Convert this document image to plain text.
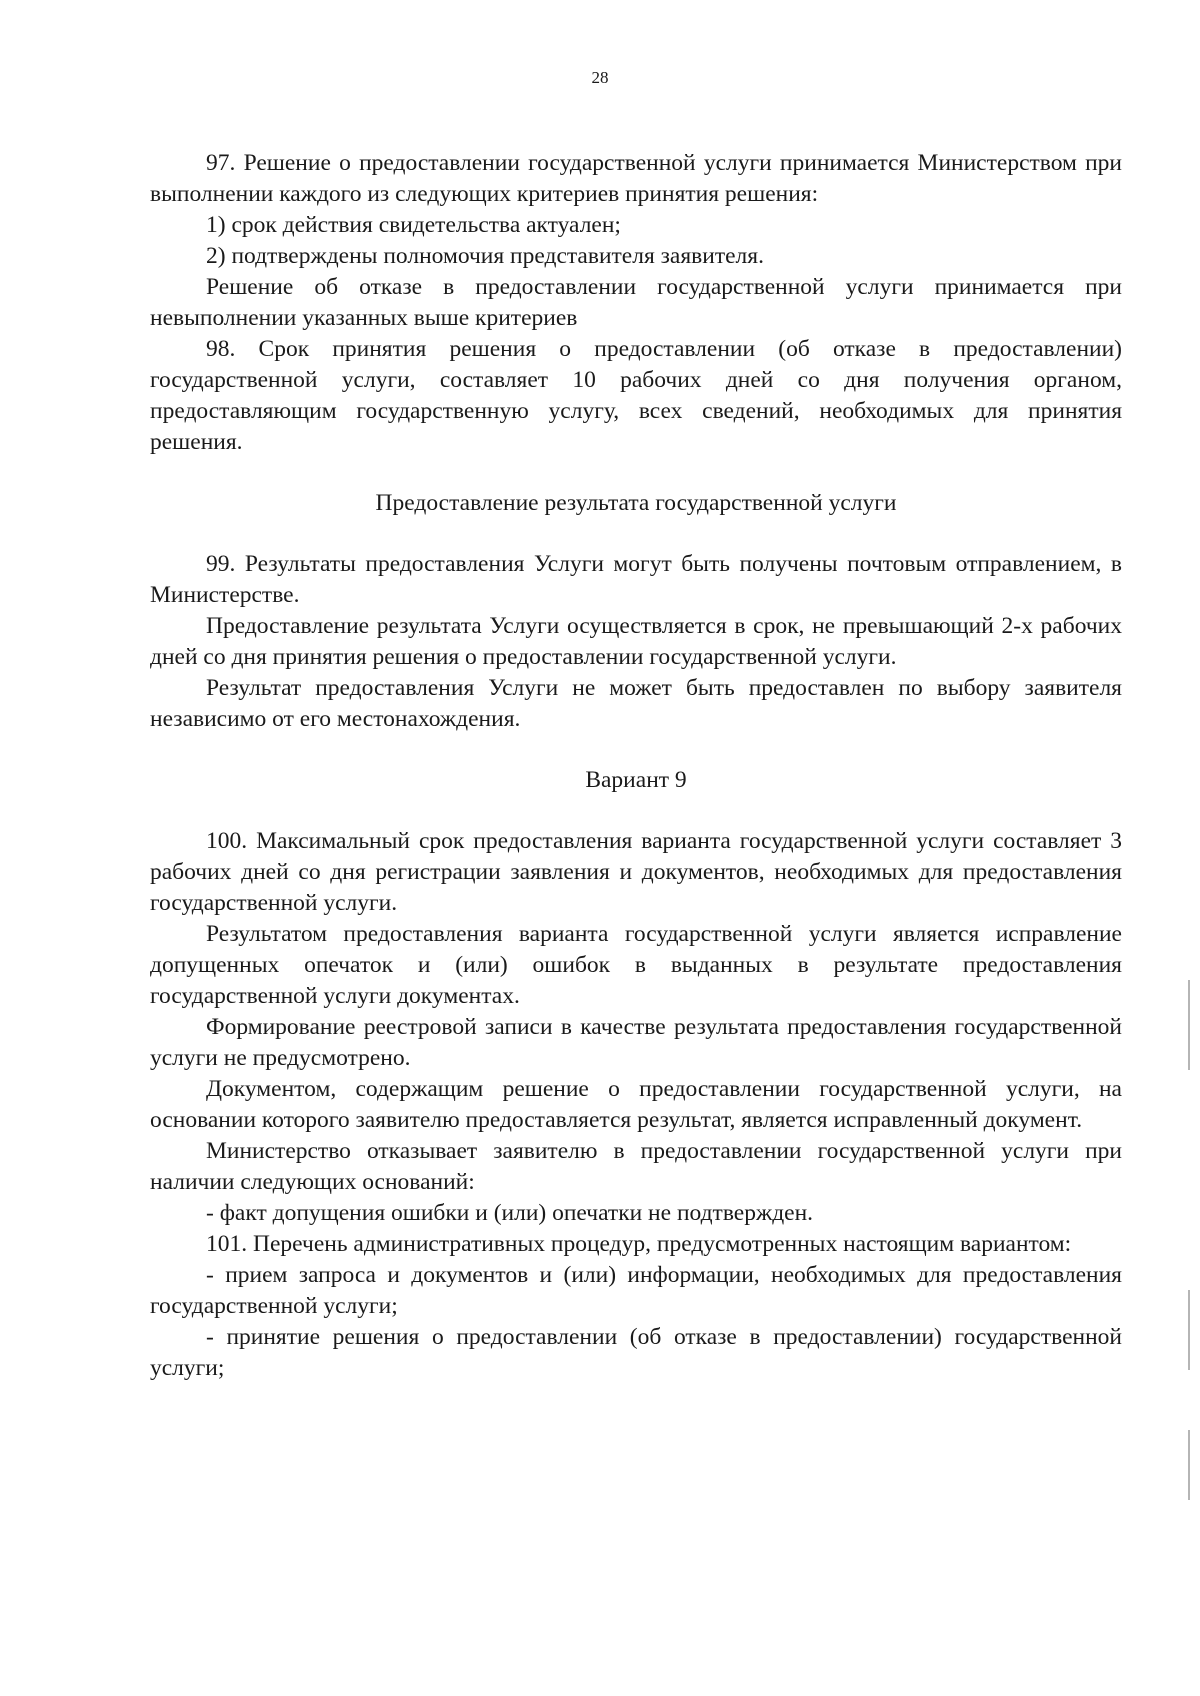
28

97. Решение о предоставлении государственной услуги принимается Министерством при выполнении каждого из следующих критериев принятия решения:

1) срок действия свидетельства актуален;

2) подтверждены полномочия представителя заявителя.

Решение об отказе в предоставлении государственной услуги принимается при невыполнении указанных выше критериев

98. Срок принятия решения о предоставлении (об отказе в предоставлении) государственной услуги, составляет 10 рабочих дней со дня получения органом, предоставляющим государственную услугу, всех сведений, необходимых для принятия решения.

Предоставление результата государственной услуги

99. Результаты предоставления Услуги могут быть получены почтовым отправлением, в Министерстве.

Предоставление результата Услуги осуществляется в срок, не превышающий 2-х рабочих дней со дня принятия решения о предоставлении государственной услуги.

Результат предоставления Услуги не может быть предоставлен по выбору заявителя независимо от его местонахождения.

Вариант 9

100. Максимальный срок предоставления варианта государственной услуги составляет 3 рабочих дней со дня регистрации заявления и документов, необходимых для предоставления государственной услуги.

Результатом предоставления варианта государственной услуги является исправление допущенных опечаток и (или) ошибок в выданных в результате предоставления государственной услуги документах.

Формирование реестровой записи в качестве результата предоставления государственной услуги не предусмотрено.

Документом, содержащим решение о предоставлении государственной услуги, на основании которого заявителю предоставляется результат, является исправленный документ.

Министерство отказывает заявителю в предоставлении государственной услуги при наличии следующих оснований:

- факт допущения ошибки и (или) опечатки не подтвержден.

101. Перечень административных процедур, предусмотренных настоящим вариантом:

- прием запроса и документов и (или) информации, необходимых для предоставления государственной услуги;

- принятие решения о предоставлении (об отказе в предоставлении) государственной услуги;
